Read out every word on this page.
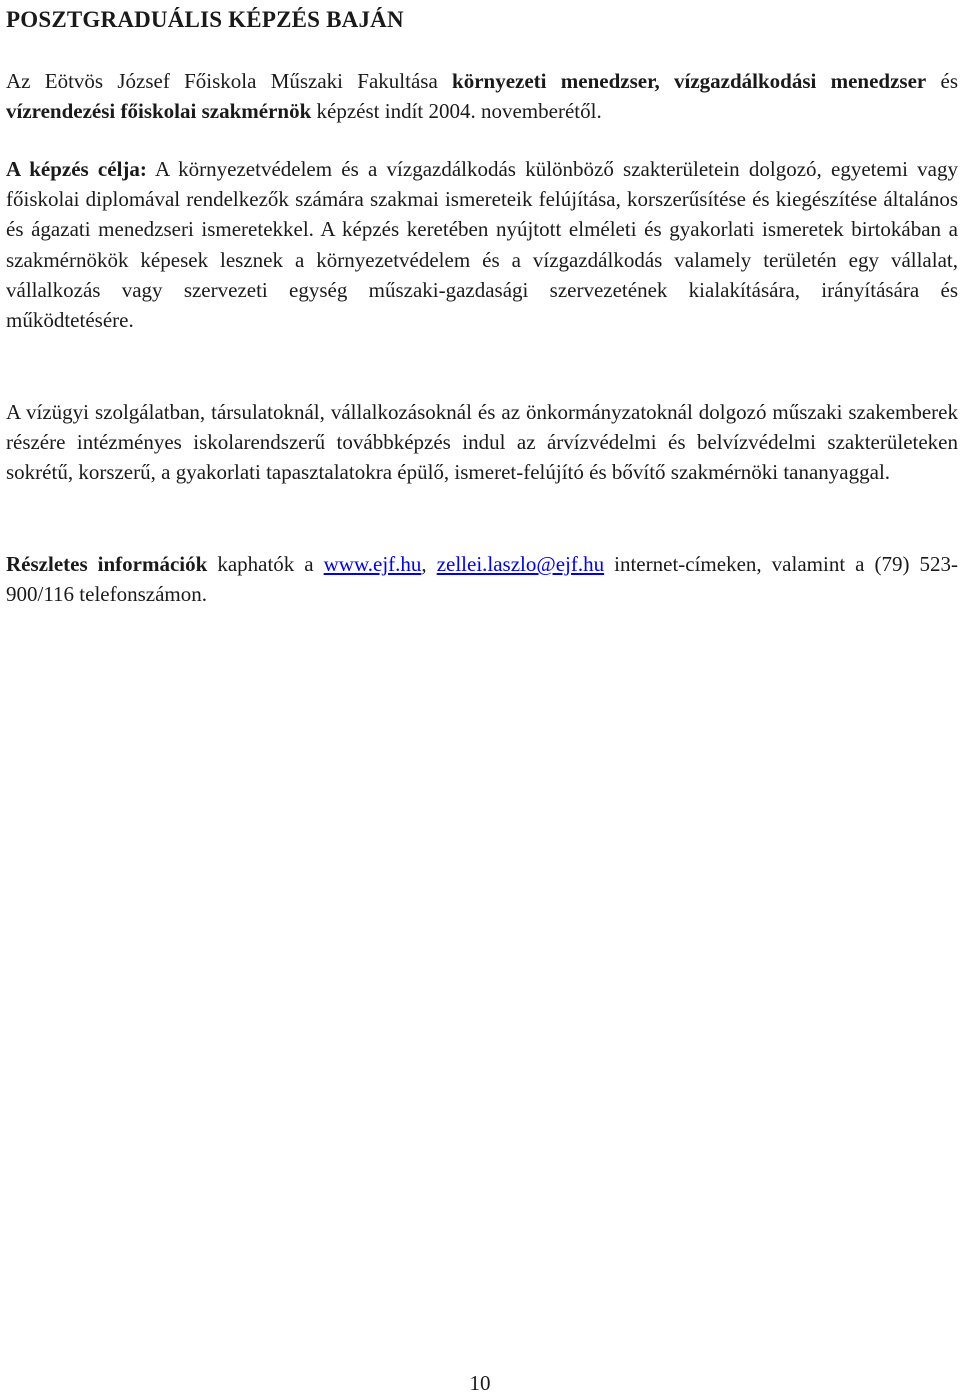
POSZTGRADUÁLIS KÉPZÉS BAJÁN

Az Eötvös József Főiskola Műszaki Fakultása környezeti menedzser, vízgazdálkodási menedzser és vízrendezési főiskolai szakmérnök képzést indít 2004. novemberétől.

A képzés célja: A környezetvédelem és a vízgazdálkodás különböző szakterületein dolgozó, egyetemi vagy főiskolai diplomával rendelkezők számára szakmai ismereteik felújítása, korszerűsítése és kiegészítése általános és ágazati menedzseri ismeretekkel. A képzés keretében nyújtott elméleti és gyakorlati ismeretek birtokában a szakmérnökök képesek lesznek a környezetvédelem és a vízgazdálkodás valamely területén egy vállalat, vállalkozás vagy szervezeti egység műszaki-gazdasági szervezetének kialakítására, irányítására és működtetésére.

A vízügyi szolgálatban, társulatoknál, vállalkozásoknál és az önkormányzatoknál dolgozó műszaki szakemberek részére intézményes iskolarendszerű továbbképzés indul az árvízvédelmi és belvízvédelmi szakterületeken sokrétű, korszerű, a gyakorlati tapasztalatokra épülő, ismeret-felújító és bővítő szakmérnöki tananyaggal.

Részletes információk kaphatók a www.ejf.hu, zellei.laszlo@ejf.hu internet-címeken, valamint a (79) 523-900/116 telefonszámon.

10
